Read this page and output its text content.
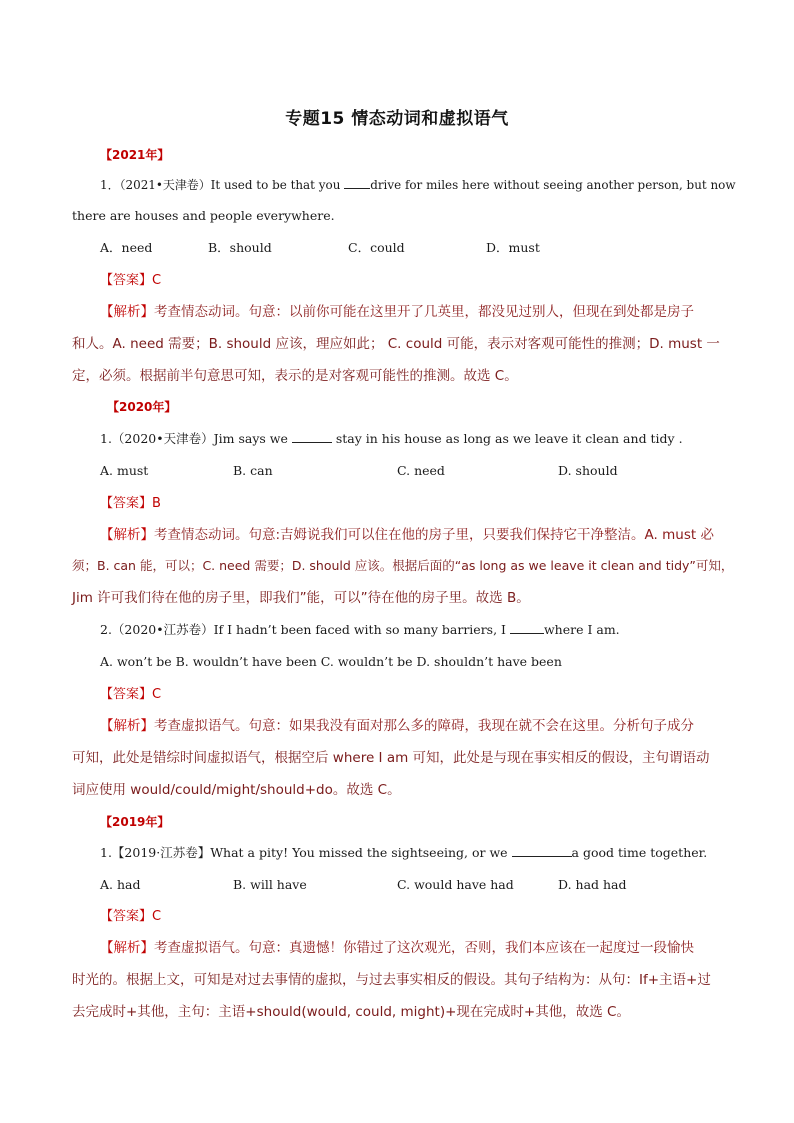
专题15 情态动词和虚拟语气
【2021年】
1．（2021•天津卷）It used to be that you drive for miles here without seeing another person, but now
there are houses and people everywhere.
A．need	B．should	C．could	D．must
【答案】C
【解析】考查情态动词。句意：以前你可能在这里开了几英里，都没见过别人，但现在到处都是房子
和人。A. need 需要；B. should 应该，理应如此； C. could 可能，表示对客观可能性的推测；D. must 一
定，必须。根据前半句意思可知，表示的是对客观可能性的推测。故选 C。
【2020年】
1.（2020•天津卷）Jim says we	stay in his house as long as we leave it clean and tidy .
A. must	B. can	C. need	D. should
【答案】B
【解析】考查情态动词。句意:吉姆说我们可以住在他的房子里，只要我们保持它干净整洁。A. must 必
须；B. can 能，可以；C. need 需要；D. should 应该。根据后面的“as long as we leave it clean and tidy”可知，
Jim 许可我们待在他的房子里，即我们”能，可以”待在他的房子里。故选 B。
2.（2020•江苏卷）If I hadn’t been faced with so many barriers, I	where I am.
A. won’t be B. wouldn’t have been C. wouldn’t be D. shouldn’t have been
【答案】C
【解析】考查虚拟语气。句意：如果我没有面对那么多的障碍，我现在就不会在这里。分析句子成分
可知，此处是错综时间虚拟语气，根据空后 where I am 可知，此处是与现在事实相反的假设，主句谓语动
词应使用 would/could/might/should+do。故选 C。
【2019年】
1.【2019·江苏卷】What a pity! You missed the sightseeing, or we	a good time together.
A. had	B. will have	C. would have had	D. had had
【答案】C
【解析】考查虚拟语气。句意：真遗憾！你错过了这次观光，否则，我们本应该在一起度过一段愉快
时光的。根据上文，可知是对过去事情的虚拟，与过去事实相反的假设。其句子结构为：从句：If+主语+过
去完成时+其他，主句：主语+should(would, could, might)+现在完成时+其他，故选 C。
